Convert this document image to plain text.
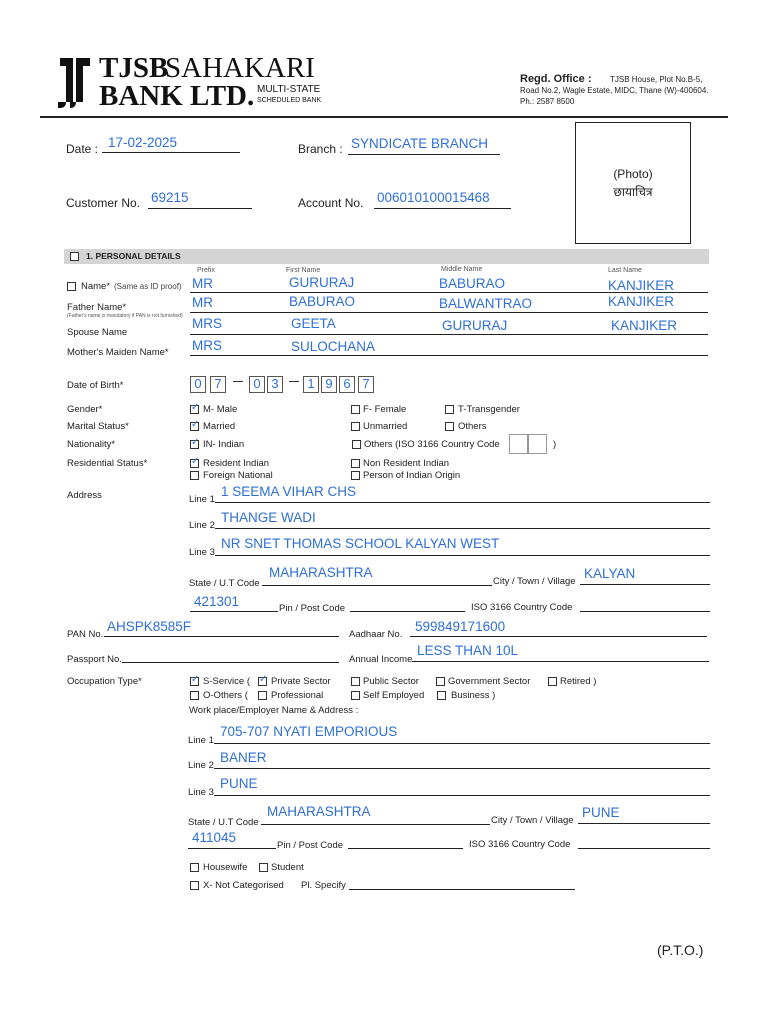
TJSB
SAHAKARI
BANK LTD. MULTI-STATE
SCHEDULED BANK
Regd. Office : TJSB House, Plot No.B-5,
Road No.2, Wagle Estate, MIDC, Thane (W)-400604.
Ph.: 2587 8500
Date : 17-02-2025	Branch : SYNDICATE BRANCH
Customer No. 69215	Account No. 006010100015468
(Photo)
छायाचित्र
1. PERSONAL DETAILS
Prefix	First Name	Middle Name	Last Name
Name* (Same as ID proof) MR	GURURAJ	BABURAO	KANJIKER
Father Name*
(Father's name is mandatory if PAN is not furnished)
MR	BABURAO	BALWANTRAO	KANJIKER
Spouse Name
MRS	GEETA	GURURAJ	KANJIKER
Mother's Maiden Name* MRS	SULOCHANA
Date of Birth*	0 7	0 3	1 9 6 7
Gender* ✓	M- Male	F- Female	T-Transgender
Marital Status* ✓	Married	Unmarried	Others
Nationality* ✓	IN- Indian	Others (ISO 3166 Country Code	)
Residential Status* ✓	Resident Indian	Non Resident Indian
Foreign National	Person of Indian Origin
Address	Line 1
1 SEEMA VIHAR CHS
Line 2
THANGE WADI
Line 3
NR SNET THOMAS SCHOOL KALYAN WEST
State / U.T Code
MAHARASHTRA
City / Town / Village
KALYAN
421301	Pin / Post Code	ISO 3166 Country Code
PAN No.
AHSPK8585F
Aadhaar No.
599849171600
Passport No.	Annual Income
LESS THAN 10L
Occupation Type* ✓	S-Service ( ✓ Private Sector	Public Sector	Government Sector	Retired )
O-Others ( Professional	Self Employed	Business )
Work place/Employer Name & Address :
Line 1
705-707 NYATI EMPORIOUS
Line 2
BANER
Line 3
PUNE
State / U.T Code
MAHARASHTRA
City / Town / Village
PUNE
411045
Pin / Post Code	ISO 3166 Country Code
Housewife Student
X- Not Categorised Pl. Specify
(P.T.O.)
